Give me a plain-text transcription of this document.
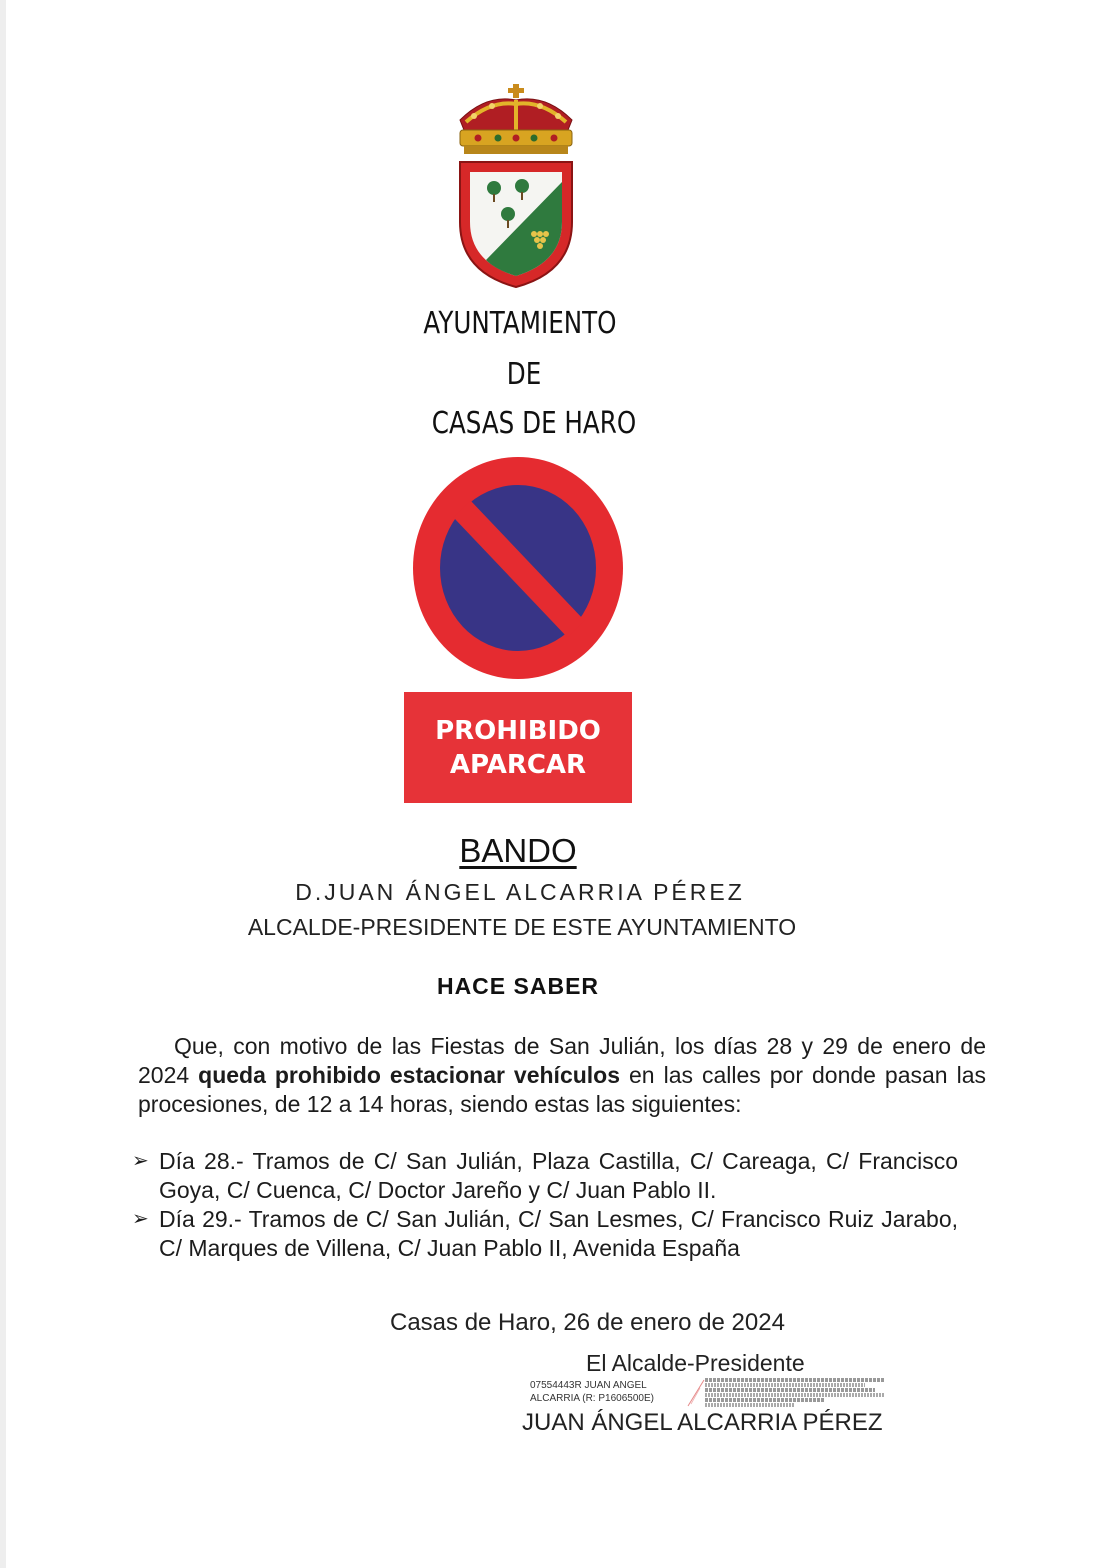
AYUNTAMIENTO
DE
CASAS DE HARO
PROHIBIDO
APARCAR
BANDO
D.JUAN ÁNGEL ALCARRIA PÉREZ
ALCALDE-PRESIDENTE DE ESTE AYUNTAMIENTO
HACE SABER
Que, con motivo de las Fiestas de San Julián, los días 28 y 29 de enero de 2024 queda prohibido estacionar vehículos en las calles por donde pasan las procesiones, de 12 a 14 horas, siendo estas las siguientes:
➢ Día 28.- Tramos de C/ San Julián, Plaza Castilla, C/ Careaga, C/ Francisco Goya, C/ Cuenca, C/ Doctor Jareño y C/ Juan Pablo II.
➢ Día 29.- Tramos de C/ San Julián, C/ San Lesmes, C/ Francisco Ruiz Jarabo, C/ Marques de Villena, C/ Juan Pablo II, Avenida España
Casas de Haro, 26 de enero de 2024
El Alcalde-Presidente
07554443R JUAN ANGEL
ALCARRIA (R: P1606500E)
JUAN ÁNGEL ALCARRIA PÉREZ
